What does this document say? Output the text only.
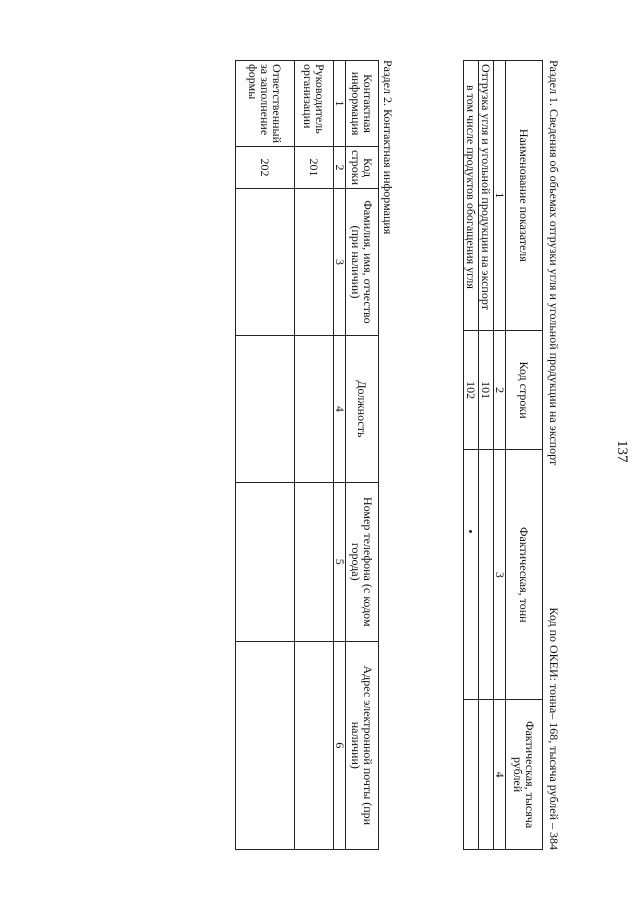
137
Раздел 1. Сведения об объемах отгрузки угля и угольной продукции на экспорт
Код по ОКЕИ: тонна– 168, тысяча рублей – 384
Наименование показателя	Код строки	Фактическая, тонн	Фактическая, тысяча рублей
1	2	3	4
Отгрузка угля и угольной продукции на экспорт	101		
в том числе продуктов обогащения угля	102		
Раздел 2. Контактная информация
Контактная информация	Код строки	Фамилия, имя, отчество (при наличии)	Должность	Номер телефона (с кодом города)	Адрес электронной почты (при наличии)
1	2	3	4	5	6
Руководитель организации	201				
Ответственный за заполнение формы	202				
